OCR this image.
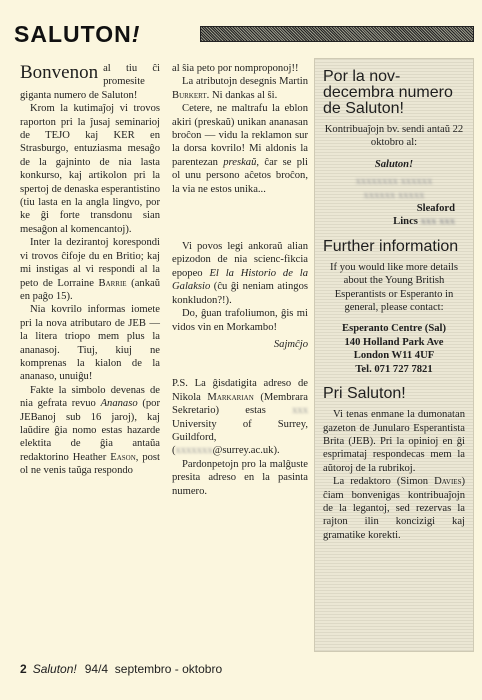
SALUTON!

Bonvenon al tiu ĉi promesite giganta numero de Saluton!

Krom la kutimaĵoj vi trovos raporton pri la ĵusaj seminarioj de TEJO kaj KER en Strasburgo, entuziasma mesaĝo de la gajninto de nia lasta konkurso, kaj artikolon pri la spertoj de denaska esperantistino (tiu lasta en la angla lingvo, por ke ĝi forte transdonu sian mesaĝon al komencantoj).

Inter la dezirantoj korespondi vi trovos ĉifoje du en Britio; kaj mi instigas al vi respondi al la peto de Lorraine Barrie (ankaŭ en paĝo 15).

Nia kovrilo informas iomete pri la nova atributaro de JEB — la litera triopo mem plus la ananasoj. Tiuj, kiuj ne komprenas la kialon de la ananaso, unuiĝu!

Fakte la simbolo devenas de nia gefrata revuo Ananaso (por JEBanoj sub 16 jaroj), kaj laŭdire ĝia nomo estas hazarde elektita de ĝia antaŭa redaktorino Heather Eason, post ol ne venis taŭga respondo

al ŝia peto por nomproponoj!!

La atributojn desegnis Martin Burkert. Ni dankas al ŝi.

Cetere, ne maltrafu la eblon akiri (preskaŭ) unikan ananasan broĉon — vidu la reklamon sur la dorsa kovrilo! Mi aldonis la parentezan preskaŭ, ĉar se pli ol unu persono aĉetos broĉon, la via ne estos unika...

Vi povos legi ankoraŭ alian epizodon de nia scienc-fikcia epopeo El la Historio de la Galaksio (ĉu ĝi neniam atingos konkludon?!).

Do, ĝuan trafoliumon, ĝis mi vidos vin en Morkambo!

Sajmĉjo

P.S. La ĝisdatigita adreso de Nikola Markarian (Membrara Sekretario) estas xxx University of Surrey, Guildford, (xxxxxxx@surrey.ac.uk).

Pardonpetojn pro la malĝuste presita adreso en la pasinta numero.

Por la nov-decembra numero de Saluton!

Kontribuaĵojn bv. sendi antaŭ 22 oktobro al:

Saluton!

xxxxxxxx xxxxxx
xxxxxx xxxxx

Sleaford

Lincs xxx xxx

Further information

If you would like more details about the Young British Esperantists or Esperanto in general, please contact:

Esperanto Centre (Sal)

140 Holland Park Ave

London W11 4UF

Tel. 071 727 7821

Pri Saluton!

Vi tenas enmane la dumonatan gazeton de Junularo Esperantista Brita (JEB). Pri la opinioj en ĝi esprimataj respondecas mem la aŭtoroj de la rubrikoj.

La redaktoro (Simon Davies) ĉiam bonvenigas kontribuaĵojn de la legantoj, sed rezervas la rajton ilin koncizigi kaj gramatike korekti.

2 Saluton! 94/4 septembro - oktobro
